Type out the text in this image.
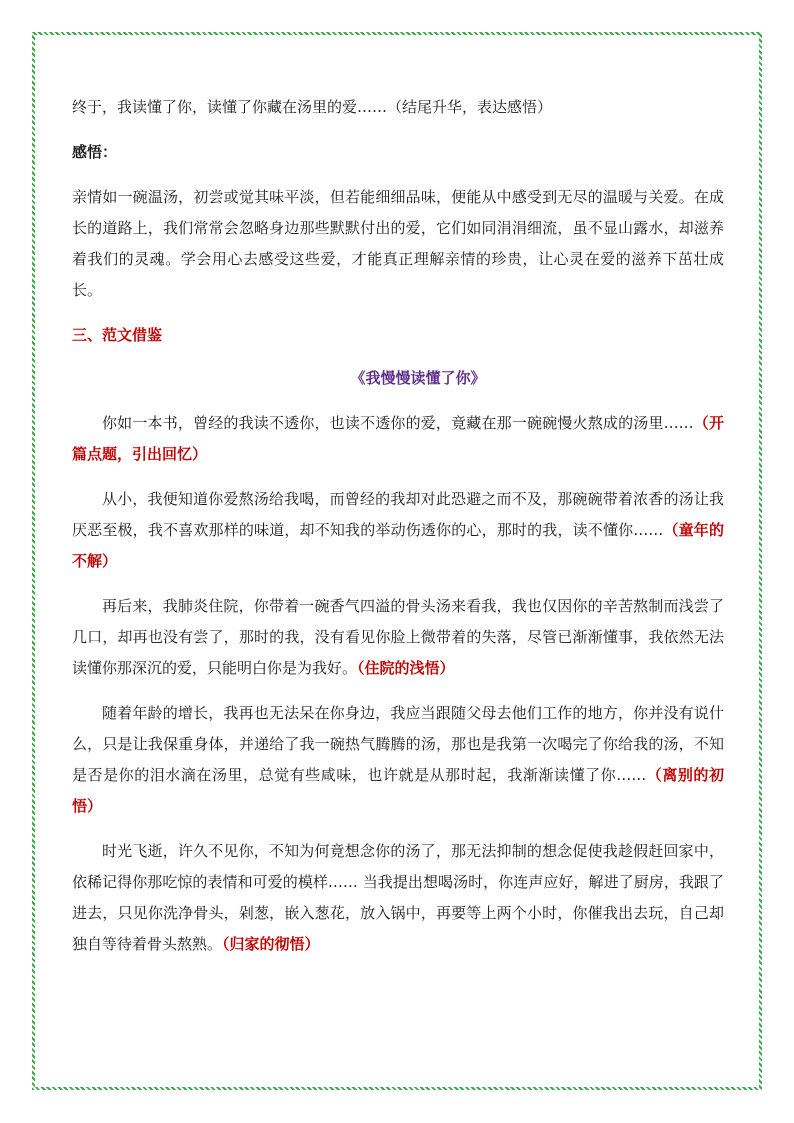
终于，我读懂了你，读懂了你藏在汤里的爱……（结尾升华，表达感悟）
感悟：

亲情如一碗温汤，初尝或觉其味平淡，但若能细细品味，便能从中感受到无尽的温暖与关爱。在成长的道路上，我们常常会忽略身边那些默默付出的爱，它们如同涓涓细流，虽不显山露水，却滋养着我们的灵魂。学会用心去感受这些爱，才能真正理解亲情的珍贵，让心灵在爱的滋养下茁壮成长。

三、范文借鉴
《我慢慢读懂了你》

你如一本书，曾经的我读不透你，也读不透你的爱，竟藏在那一碗碗慢火熬成的汤里……（开篇点题，引出回忆）

从小，我便知道你爱熬汤给我喝，而曾经的我却对此恐避之而不及，那碗碗带着浓香的汤让我厌恶至极，我不喜欢那样的味道，却不知我的举动伤透你的心，那时的我，读不懂你……（童年的不解）

再后来，我肺炎住院，你带着一碗香气四溢的骨头汤来看我，我也仅因你的辛苦熬制而浅尝了几口，却再也没有尝了，那时的我，没有看见你脸上微带着的失落，尽管已渐渐懂事，我依然无法读懂你那深沉的爱，只能明白你是为我好。（住院的浅悟）

随着年龄的增长，我再也无法呆在你身边，我应当跟随父母去他们工作的地方，你并没有说什么，只是让我保重身体，并递给了我一碗热气腾腾的汤，那也是我第一次喝完了你给我的汤，不知是否是你的泪水滴在汤里，总觉有些咸味，也许就是从那时起，我渐渐读懂了你……（离别的初悟）

时光飞逝，许久不见你，不知为何竟想念你的汤了，那无法抑制的想念促使我趁假赶回家中，依稀记得你那吃惊的表情和可爱的模样…… 当我提出想喝汤时，你连声应好，解进了厨房，我跟了进去，只见你洗净骨头，剁葱，嵌入葱花，放入锅中，再要等上两个小时，你催我出去玩，自己却独自等待着骨头熬熟。（归家的彻悟）
